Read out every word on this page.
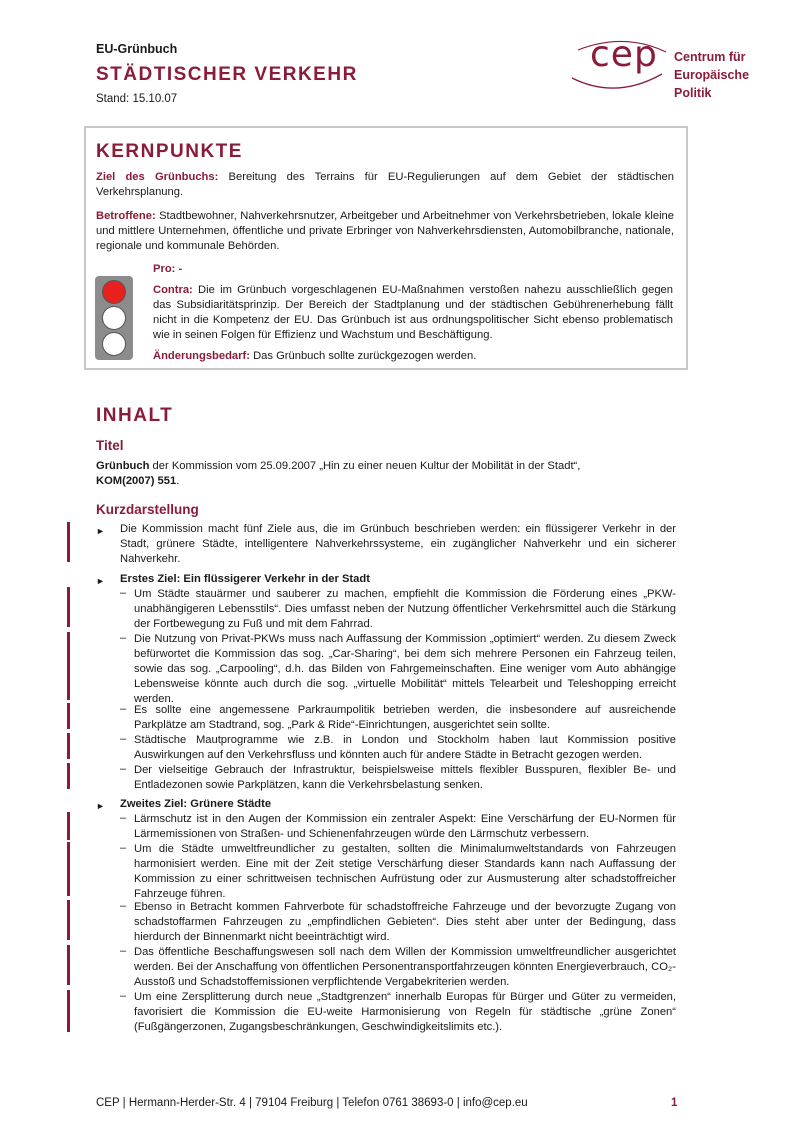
EU-Grünbuch
STÄDTISCHER VERKEHR
Stand: 15.10.07
cep Centrum für
Europäische
Politik
KERNPUNKTE
Ziel des Grünbuchs: Bereitung des Terrains für EU-Regulierungen auf dem Gebiet der städtischen Verkehrsplanung.
Betroffene: Stadtbewohner, Nahverkehrsnutzer, Arbeitgeber und Arbeitnehmer von Verkehrsbetrieben, lokale kleine und mittlere Unternehmen, öffentliche und private Erbringer von Nahverkehrsdiensten, Automobilbranche, nationale, regionale und kommunale Behörden.
Pro: -
Contra: Die im Grünbuch vorgeschlagenen EU-Maßnahmen verstoßen nahezu ausschließlich gegen das Subsidiaritätsprinzip. Der Bereich der Stadtplanung und der städtischen Gebührenerhebung fällt nicht in die Kompetenz der EU. Das Grünbuch ist aus ordnungspolitischer Sicht ebenso problematisch wie in seinen Folgen für Effizienz und Wachstum und Beschäftigung.
Änderungsbedarf: Das Grünbuch sollte zurückgezogen werden.
INHALT
Titel
Grünbuch der Kommission vom 25.09.2007 „Hin zu einer neuen Kultur der Mobilität in der Stadt“,
KOM(2007) 551.
Kurzdarstellung
► Die Kommission macht fünf Ziele aus, die im Grünbuch beschrieben werden: ein flüssigerer Verkehr in der Stadt, grünere Städte, intelligentere Nahverkehrssysteme, ein zugänglicher Nahverkehr und ein sicherer Nahverkehr.
► Erstes Ziel: Ein flüssigerer Verkehr in der Stadt
– Um Städte stauärmer und sauberer zu machen, empfiehlt die Kommission die Förderung eines „PKW-unabhängigeren Lebensstils“. Dies umfasst neben der Nutzung öffentlicher Verkehrsmittel auch die Stärkung der Fortbewegung zu Fuß und mit dem Fahrrad.
– Die Nutzung von Privat-PKWs muss nach Auffassung der Kommission „optimiert“ werden. Zu diesem Zweck befürwortet die Kommission das sog. „Car-Sharing“, bei dem sich mehrere Personen ein Fahrzeug teilen, sowie das sog. „Carpooling“, d.h. das Bilden von Fahrgemeinschaften. Eine weniger vom Auto abhängige Lebensweise könnte auch durch die sog. „virtuelle Mobilität“ mittels Telearbeit und Teleshopping erreicht werden.
– Es sollte eine angemessene Parkraumpolitik betrieben werden, die insbesondere auf ausreichende Parkplätze am Stadtrand, sog. „Park & Ride“-Einrichtungen, ausgerichtet sein sollte.
– Städtische Mautprogramme wie z.B. in London und Stockholm haben laut Kommission positive Auswirkungen auf den Verkehrsfluss und könnten auch für andere Städte in Betracht gezogen werden.
– Der vielseitige Gebrauch der Infrastruktur, beispielsweise mittels flexibler Busspuren, flexibler Be- und Entladezonen sowie Parkplätzen, kann die Verkehrsbelastung senken.
► Zweites Ziel: Grünere Städte
– Lärmschutz ist in den Augen der Kommission ein zentraler Aspekt: Eine Verschärfung der EU-Normen für Lärmemissionen von Straßen- und Schienenfahrzeugen würde den Lärmschutz verbessern.
– Um die Städte umweltfreundlicher zu gestalten, sollten die Minimalumweltstandards von Fahrzeugen harmonisiert werden. Eine mit der Zeit stetige Verschärfung dieser Standards kann nach Auffassung der Kommission zu einer schrittweisen technischen Aufrüstung oder zur Ausmusterung alter schadstoffreicher Fahrzeuge führen.
– Ebenso in Betracht kommen Fahrverbote für schadstoffreiche Fahrzeuge und der bevorzugte Zugang von schadstoffarmen Fahrzeugen zu „empfindlichen Gebieten“. Dies steht aber unter der Bedingung, dass hierdurch der Binnenmarkt nicht beeinträchtigt wird.
– Das öffentliche Beschaffungswesen soll nach dem Willen der Kommission umweltfreundlicher ausgerichtet werden. Bei der Anschaffung von öffentlichen Personentransportfahrzeugen könnten Energieverbrauch, CO₂-Ausstoß und Schadstoffemissionen verpflichtende Vergabekriterien werden.
– Um eine Zersplitterung durch neue „Stadtgrenzen“ innerhalb Europas für Bürger und Güter zu vermeiden, favorisiert die Kommission die EU-weite Harmonisierung von Regeln für städtische „grüne Zonen“ (Fußgängerzonen, Zugangsbeschränkungen, Geschwindigkeitslimits etc.).
CEP | Hermann-Herder-Str. 4 | 79104 Freiburg | Telefon 0761 38693-0 | info@cep.eu	1
